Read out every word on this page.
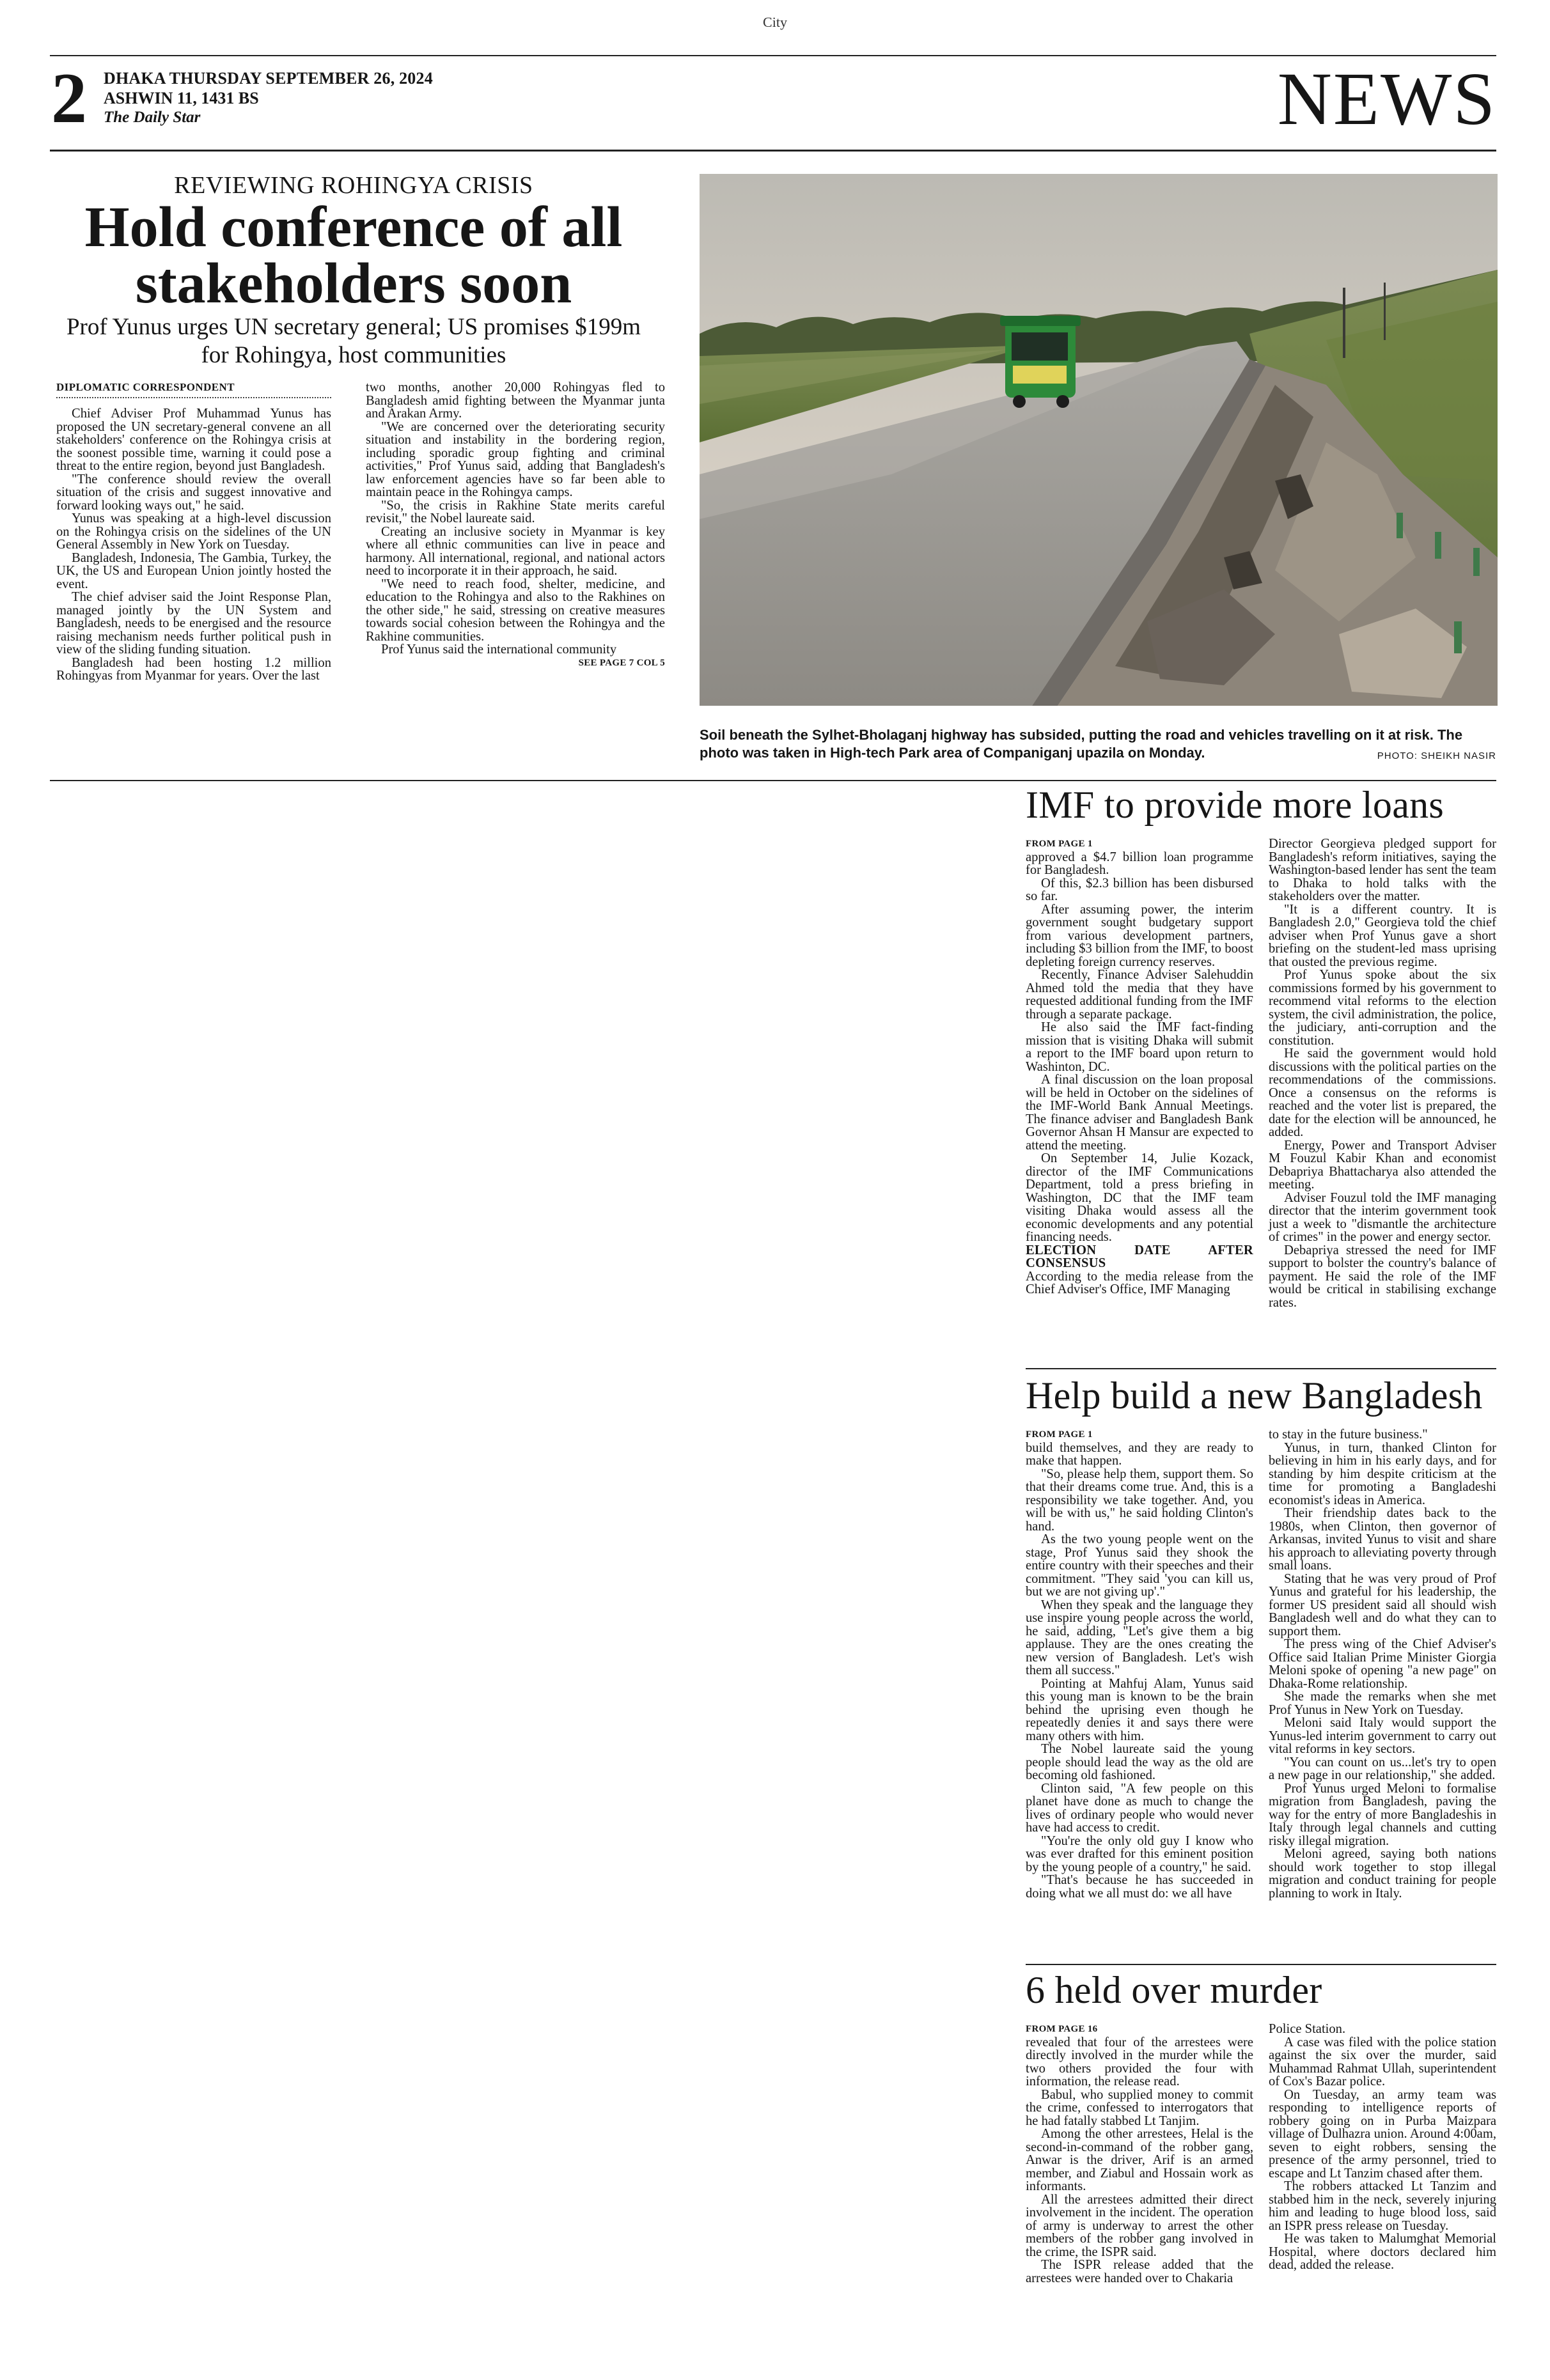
City
2 DHAKA THURSDAY SEPTEMBER 26, 2024
ASHWIN 11, 1431 BS
The Daily Star	NEWS
REVIEWING ROHINGYA CRISIS
Hold conference of all stakeholders soon
Prof Yunus urges UN secretary general; US promises $199m for Rohingya, host communities
DIPLOMATIC CORRESPONDENT

Chief Adviser Prof Muhammad Yunus has proposed the UN secretary-general convene an all stakeholders' conference on the Rohingya crisis at the soonest possible time, warning it could pose a threat to the entire region, beyond just Bangladesh.

"The conference should review the overall situation of the crisis and suggest innovative and forward looking ways out," he said.

Yunus was speaking at a high-level discussion on the Rohingya crisis on the sidelines of the UN General Assembly in New York on Tuesday.

Bangladesh, Indonesia, The Gambia, Turkey, the UK, the US and European Union jointly hosted the event.

The chief adviser said the Joint Response Plan, managed jointly by the UN System and Bangladesh, needs to be energised and the resource raising mechanism needs further political push in view of the sliding funding situation.

Bangladesh had been hosting 1.2 million Rohingyas from Myanmar for years. Over the last

two months, another 20,000 Rohingyas fled to Bangladesh amid fighting between the Myanmar junta and Arakan Army.

"We are concerned over the deteriorating security situation and instability in the bordering region, including sporadic group fighting and criminal activities," Prof Yunus said, adding that Bangladesh's law enforcement agencies have so far been able to maintain peace in the Rohingya camps.

"So, the crisis in Rakhine State merits careful revisit," the Nobel laureate said.

Creating an inclusive society in Myanmar is key where all ethnic communities can live in peace and harmony. All international, regional, and national actors need to incorporate it in their approach, he said.

"We need to reach food, shelter, medicine, and education to the Rohingya and also to the Rakhines on the other side," he said, stressing on creative measures towards social cohesion between the Rohingya and the Rakhine communities.

Prof Yunus said the international community

SEE PAGE 7 COL 5
Soil beneath the Sylhet-Bholaganj highway has subsided, putting the road and vehicles travelling on it at risk. The photo was taken in High-tech Park area of Companiganj upazila on Monday.	PHOTO: SHEIKH NASIR
IMF to provide more loans
FROM PAGE 1

approved a $4.7 billion loan programme for Bangladesh.

Of this, $2.3 billion has been disbursed so far.

After assuming power, the interim government sought budgetary support from various development partners, including $3 billion from the IMF, to boost depleting foreign currency reserves.

Recently, Finance Adviser Salehuddin Ahmed told the media that they have requested additional funding from the IMF through a separate package.

He also said the IMF fact-finding mission that is visiting Dhaka will submit a report to the IMF board upon return to Washinton, DC.

A final discussion on the loan proposal will be held in October on the sidelines of the IMF-World Bank Annual Meetings. The finance adviser and Bangladesh Bank Governor Ahsan H Mansur are expected to attend the meeting.

On September 14, Julie Kozack, director of the IMF Communications Department, told a press briefing in Washington, DC that the IMF team visiting Dhaka would assess all the economic developments and any potential financing needs.

ELECTION DATE AFTER CONSENSUS

According to the media release from the Chief Adviser's Office, IMF Managing

Director Georgieva pledged support for Bangladesh's reform initiatives, saying the Washington-based lender has sent the team to Dhaka to hold talks with the stakeholders over the matter.

"It is a different country. It is Bangladesh 2.0," Georgieva told the chief adviser when Prof Yunus gave a short briefing on the student-led mass uprising that ousted the previous regime.

Prof Yunus spoke about the six commissions formed by his government to recommend vital reforms to the election system, the civil administration, the police, the judiciary, anti-corruption and the constitution.

He said the government would hold discussions with the political parties on the recommendations of the commissions. Once a consensus on the reforms is reached and the voter list is prepared, the date for the election will be announced, he added.

Energy, Power and Transport Adviser M Fouzul Kabir Khan and economist Debapriya Bhattacharya also attended the meeting.

Adviser Fouzul told the IMF managing director that the interim government took just a week to "dismantle the architecture of crimes" in the power and energy sector.

Debapriya stressed the need for IMF support to bolster the country's balance of payment. He said the role of the IMF would be critical in stabilising exchange rates.

Help build a new Bangladesh
FROM PAGE 1

build themselves, and they are ready to make that happen.

"So, please help them, support them. So that their dreams come true. And, this is a responsibility we take together. And, you will be with us," he said holding Clinton's hand.

As the two young people went on the stage, Prof Yunus said they shook the entire country with their speeches and their commitment. "They said 'you can kill us, but we are not giving up'."

When they speak and the language they use inspire young people across the world, he said, adding, "Let's give them a big applause. They are the ones creating the new version of Bangladesh. Let's wish them all success."

Pointing at Mahfuj Alam, Yunus said this young man is known to be the brain behind the uprising even though he repeatedly denies it and says there were many others with him.

The Nobel laureate said the young people should lead the way as the old are becoming old fashioned.

Clinton said, "A few people on this planet have done as much to change the lives of ordinary people who would never have had access to credit.

"You're the only old guy I know who was ever drafted for this eminent position by the young people of a country," he said.

"That's because he has succeeded in doing what we all must do: we all have

to stay in the future business."

Yunus, in turn, thanked Clinton for believing in him in his early days, and for standing by him despite criticism at the time for promoting a Bangladeshi economist's ideas in America.

Their friendship dates back to the 1980s, when Clinton, then governor of Arkansas, invited Yunus to visit and share his approach to alleviating poverty through small loans.

Stating that he was very proud of Prof Yunus and grateful for his leadership, the former US president said all should wish Bangladesh well and do what they can to support them.

The press wing of the Chief Adviser's Office said Italian Prime Minister Giorgia Meloni spoke of opening "a new page" on Dhaka-Rome relationship.

She made the remarks when she met Prof Yunus in New York on Tuesday.

Meloni said Italy would support the Yunus-led interim government to carry out vital reforms in key sectors.

"You can count on us...let's try to open a new page in our relationship," she added.

Prof Yunus urged Meloni to formalise migration from Bangladesh, paving the way for the entry of more Bangladeshis in Italy through legal channels and cutting risky illegal migration.

Meloni agreed, saying both nations should work together to stop illegal migration and conduct training for people planning to work in Italy.

6 held over murder
FROM PAGE 16

revealed that four of the arrestees were directly involved in the murder while the two others provided the four with information, the release read.

Babul, who supplied money to commit the crime, confessed to interrogators that he had fatally stabbed Lt Tanjim.

Among the other arrestees, Helal is the second-in-command of the robber gang, Anwar is the driver, Arif is an armed member, and Ziabul and Hossain work as informants.

All the arrestees admitted their direct involvement in the incident. The operation of army is underway to arrest the other members of the robber gang involved in the crime, the ISPR said.

The ISPR release added that the arrestees were handed over to Chakaria

Police Station.

A case was filed with the police station against the six over the murder, said Muhammad Rahmat Ullah, superintendent of Cox's Bazar police.

On Tuesday, an army team was responding to intelligence reports of robbery going on in Purba Maizpara village of Dulhazra union. Around 4:00am, seven to eight robbers, sensing the presence of the army personnel, tried to escape and Lt Tanzim chased after them.

The robbers attacked Lt Tanzim and stabbed him in the neck, severely injuring him and leading to huge blood loss, said an ISPR press release on Tuesday.

He was taken to Malumghat Memorial Hospital, where doctors declared him dead, added the release.
